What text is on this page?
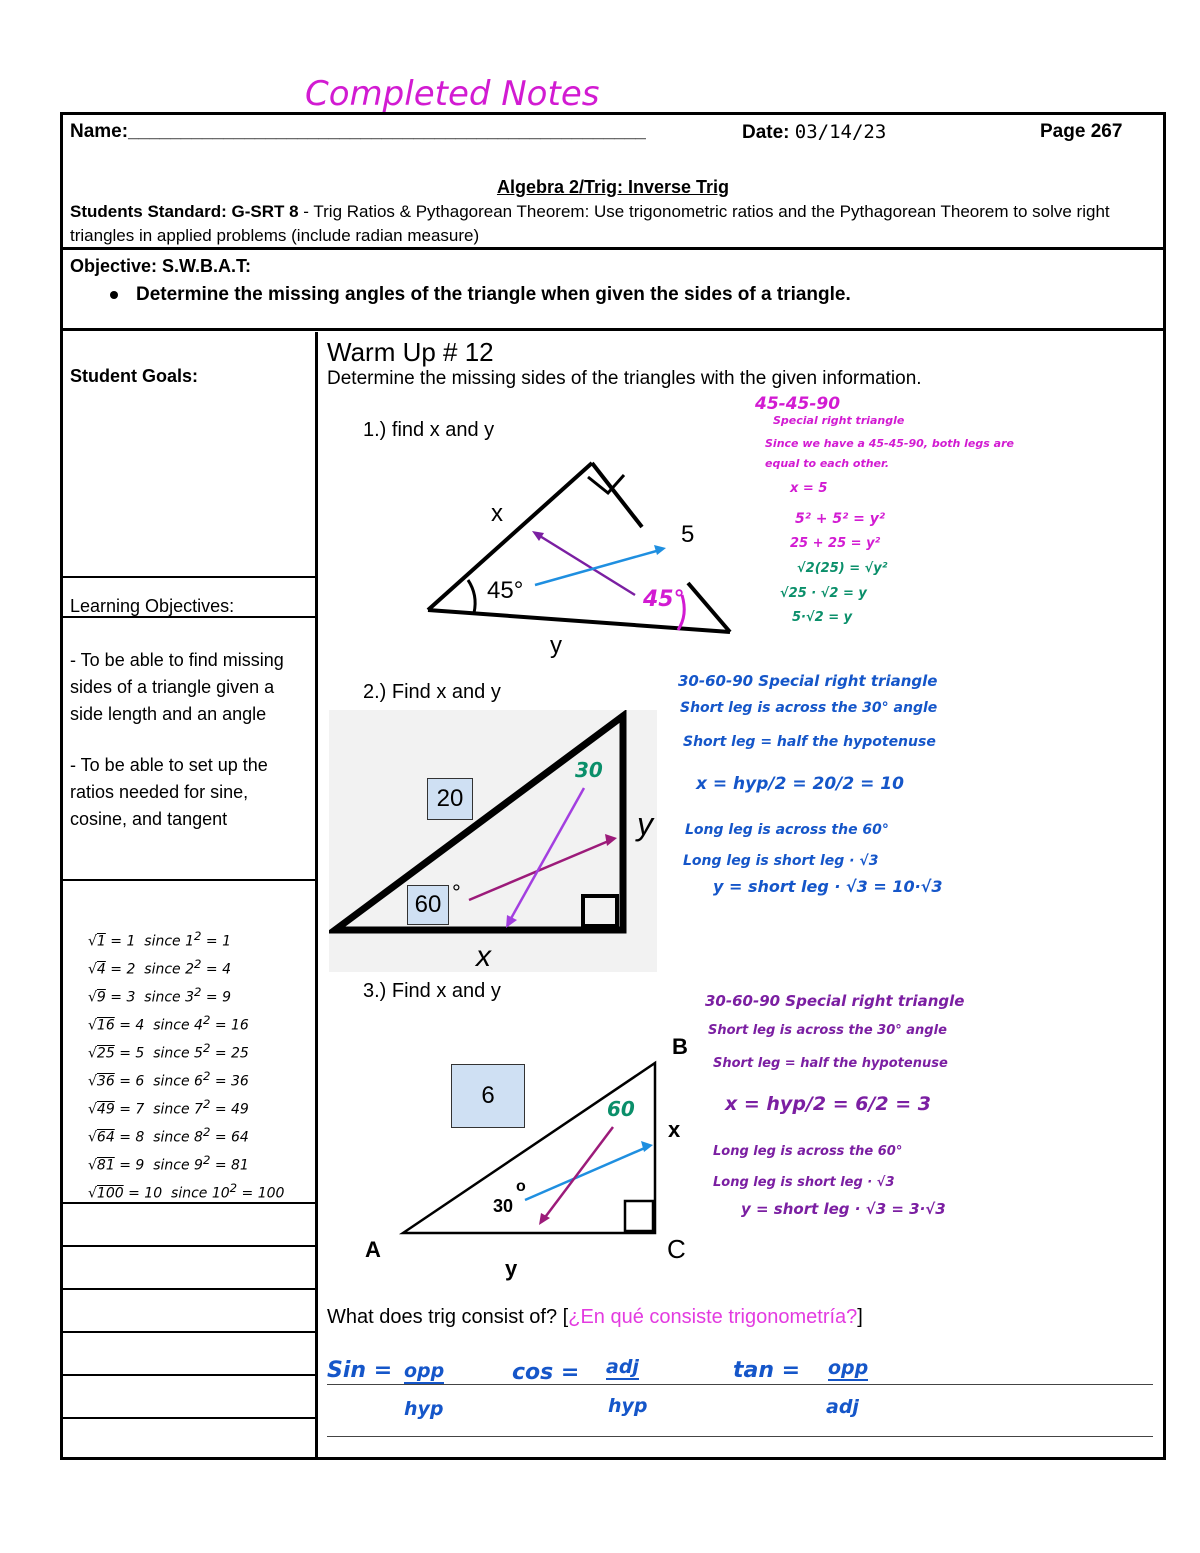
Completed Notes
Name:_________________________________________________	Date: 03/14/23	Page 267
Algebra 2/Trig: Inverse Trig
Students Standard: G-SRT 8 - Trig Ratios & Pythagorean Theorem: Use trigonometric ratios and the Pythagorean Theorem to solve right triangles in applied problems (include radian measure)
Objective: S.W.B.A.T:
Determine the missing angles of the triangle when given the sides of a triangle.
Student Goals:
Learning Objectives:
- To be able to find missing sides of a triangle given a side length and an angle
- To be able to set up the ratios needed for sine, cosine, and tangent
√1 = 1  since $1^2 = 1$
√4 = 2  since $2^2 = 4$
√9 = 3  since $3^2 = 9$
√16 = 4  since $4^2 = 16$
√25 = 5  since $5^2 = 25$
√36 = 6  since $6^2 = 36$
√49 = 7  since $7^2 = 49$
√64 = 8  since $8^2 = 64$
√81 = 9  since $9^2 = 81$
√100 = 10  since $10^2 = 100$
Warm Up # 12
Determine the missing sides of the triangles with the given information.
1.) find x and y
x
5
45°	45°
y
45-45-90
Special right triangle
Since we have a 45-45-90, both legs are
equal to each other.
x = 5
5² + 5² = y²
25 + 25 = y²
√2(25) = √y²
√25 · √2 = y
5·√2 = y
2.) Find x and y
20
60 °
30
y
x
30-60-90 Special right triangle
Short leg is across the 30° angle
Short leg = half the hypotenuse
x = hyp/2 = 20/2 = 10
Long leg is across the 60°
Long leg is short leg · √3
y = short leg · √3 = 10·√3
3.) Find x and y
6
30
o
60
B
x
A	C
y
30-60-90 Special right triangle
Short leg is across the 30° angle
Short leg = half the hypotenuse
x = hyp/2 = 6/2 = 3
Long leg is across the 60°
Long leg is short leg · √3
y = short leg · √3 = 3·√3
What does trig consist of? [¿En qué consiste trigonometría?]
Sin = opp
hyp
cos = adj
hyp
tan = opp
adj
